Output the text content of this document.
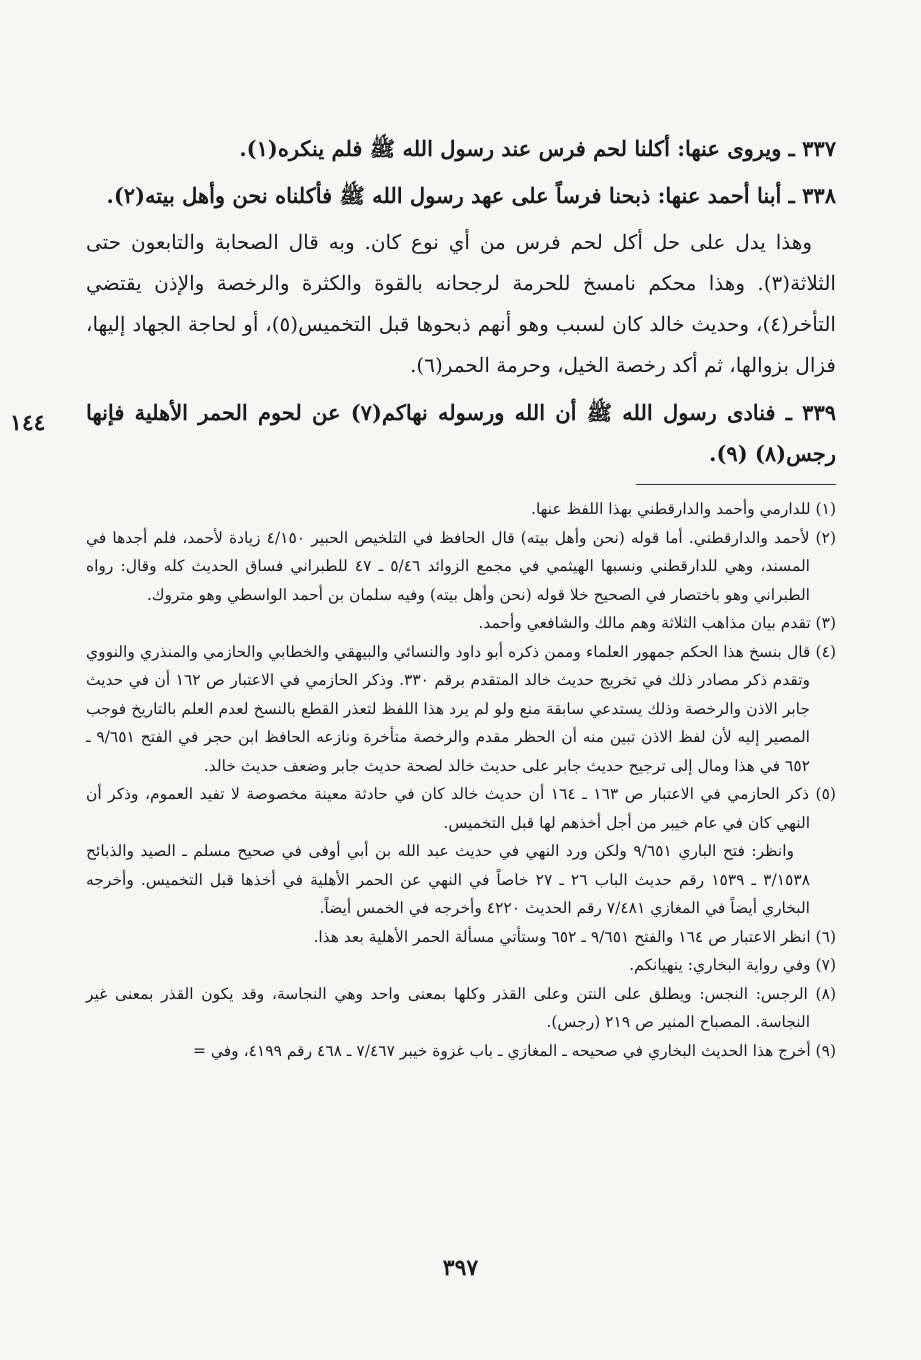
١٤٤

٣٣٧ ـ ويروى عنها: أكلنا لحم فرس عند رسول الله ﷺ فلم ينكره(١).

٣٣٨ ـ أبنا أحمد عنها: ذبحنا فرساً على عهد رسول الله ﷺ فأكلناه نحن وأهل بيته(٢).

وهذا يدل على حل أكل لحم فرس من أي نوع كان. وبه قال الصحابة والتابعون حتى الثلاثة(٣). وهذا محكم نامسخ للحرمة لرجحانه بالقوة والكثرة والرخصة والإذن يقتضي التأخر(٤)، وحديث خالد كان لسبب وهو أنهم ذبحوها قبل التخميس(٥)، أو لحاجة الجهاد إليها، فزال بزوالها، ثم أكد رخصة الخيل، وحرمة الحمر(٦).

٣٣٩ ـ فنادى رسول الله ﷺ أن الله ورسوله نهاكم(٧) عن لحوم الحمر الأهلية فإنها رجس(٨) (٩).

(١) للدارمي وأحمد والدارقطني بهذا اللفظ عنها.

(٢) لأحمد والدارقطني. أما قوله (نحن وأهل بيته) قال الحافظ في التلخيص الحبير ٤/١٥٠ زيادة لأحمد، فلم أجدها في المسند، وهي للدارقطني ونسبها الهيثمي في مجمع الزوائد ٥/٤٦ ـ ٤٧ للطبراني فساق الحديث كله وقال: رواه الطبراني وهو باختصار في الصحيح خلا قوله (نحن وأهل بيته) وفيه سلمان بن أحمد الواسطي وهو متروك.

(٣) تقدم بيان مذاهب الثلاثة وهم مالك والشافعي وأحمد.

(٤) قال بنسخ هذا الحكم جمهور العلماء وممن ذكره أبو داود والنسائي والبيهقي والخطابي والحازمي والمنذري والنووي وتقدم ذكر مصادر ذلك في تخريج حديث خالد المتقدم برقم ٣٣٠. وذكر الحازمي في الاعتبار ص ١٦٢ أن في حديث جابر الاذن والرخصة وذلك يستدعي سابقة منع ولو لم يرد هذا اللفظ لتعذر القطع بالنسخ لعدم العلم بالتاريخ فوجب المصير إليه لأن لفظ الاذن تبين منه أن الحظر مقدم والرخصة متأخرة ونازعه الحافظ ابن حجر في الفتح ٩/٦٥١ ـ ٦٥٢ في هذا ومال إلى ترجيح حديث جابر على حديث خالد لصحة حديث جابر وضعف حديث خالد.

(٥) ذكر الحازمي في الاعتبار ص ١٦٣ ـ ١٦٤ أن حديث خالد كان في حادثة معينة مخصوصة لا تفيد العموم، وذكر أن النهي كان في عام خيبر من أجل أخذهم لها قبل التخميس.

وانظر: فتح الباري ٩/٦٥١ ولكن ورد النهي في حديث عبد الله بن أبي أوفى في صحيح مسلم ـ الصيد والذبائح ٣/١٥٣٨ ـ ١٥٣٩ رقم حديث الباب ٢٦ ـ ٢٧ خاصاً في النهي عن الحمر الأهلية في أخذها قبل التخميس. وأخرجه البخاري أيضاً في المغازي ٧/٤٨١ رقم الحديث ٤٢٢٠ وأخرجه في الخمس أيضاً.

(٦) انظر الاعتبار ص ١٦٤ والفتح ٩/٦٥١ ـ ٦٥٢ وستأتي مسألة الحمر الأهلية بعد هذا.

(٧) وفي رواية البخاري: ينهيانكم.

(٨) الرجس: النجس: ويطلق على النتن وعلى القذر وكلها بمعنى واحد وهي النجاسة، وقد يكون القذر بمعنى غير النجاسة. المصباح المنير ص ٢١٩ (رجس).

(٩) أخرج هذا الحديث البخاري في صحيحه ـ المغازي ـ باب غزوة خيبر ٧/٤٦٧ ـ ٤٦٨ رقم ٤١٩٩، وفي =

٣٩٧
